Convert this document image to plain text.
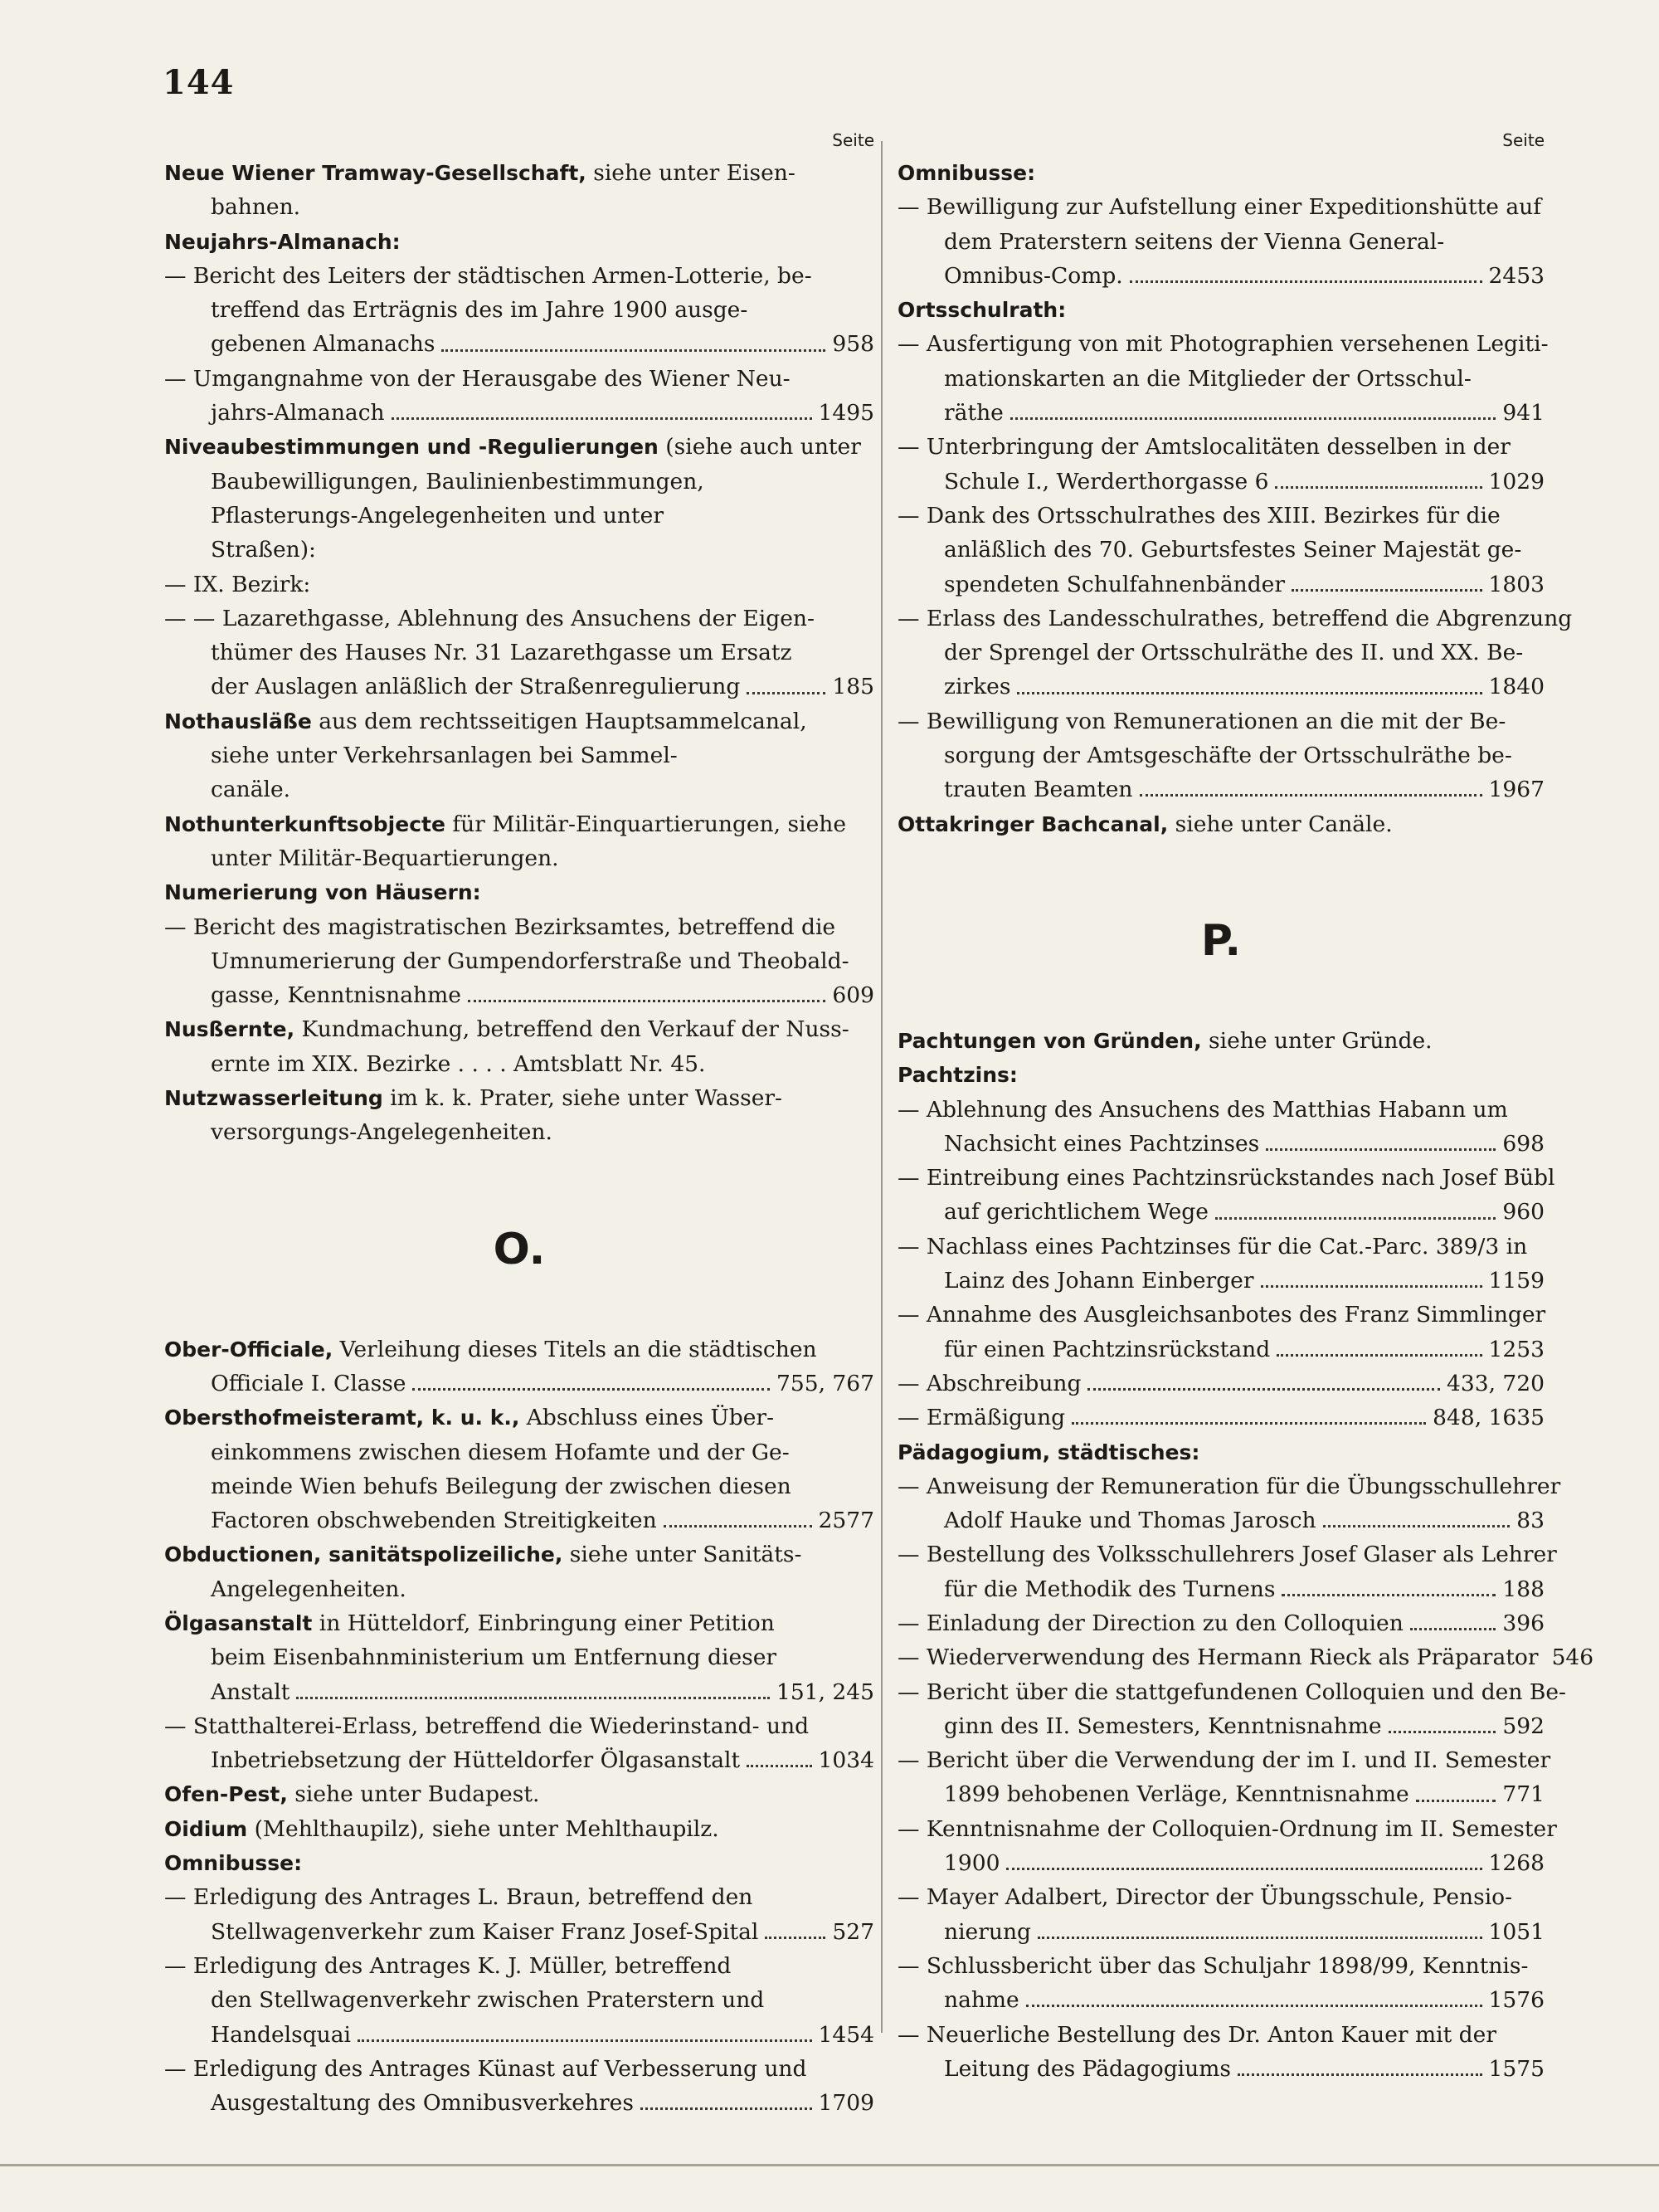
144
Seite
Neue Wiener Tramway-Gesellschaft, siehe unter Eisen-
bahnen.
Neujahrs-Almanach:
— Bericht des Leiters der städtischen Armen-Lotterie, be-
treffend das Erträgnis des im Jahre 1900 ausge-
gebenen Almanachs	958
— Umgangnahme von der Herausgabe des Wiener Neu-
jahrs-Almanach	1495
Niveaubestimmungen und -Regulierungen (siehe auch unter
Baubewilligungen, Baulinienbestimmungen,
Pflasterungs-Angelegenheiten und unter
Straßen):
— IX. Bezirk:
— — Lazarethgasse, Ablehnung des Ansuchens der Eigen-
thümer des Hauses Nr. 31 Lazarethgasse um Ersatz
der Auslagen anläßlich der Straßenregulierung	185
Nothausläße aus dem rechtsseitigen Hauptsammelcanal,
siehe unter Verkehrsanlagen bei Sammel-
canäle.
Nothunterkunftsobjecte für Militär-Einquartierungen, siehe
unter Militär-Bequartierungen.
Numerierung von Häusern:
— Bericht des magistratischen Bezirksamtes, betreffend die
Umnumerierung der Gumpendorferstraße und Theobald-
gasse, Kenntnisnahme	609
Nusßernte, Kundmachung, betreffend den Verkauf der Nuss-
ernte im XIX. Bezirke . . . . Amtsblatt Nr. 45.
Nutzwasserleitung im k. k. Prater, siehe unter Wasser-
versorgungs-Angelegenheiten.
O.
Ober-Officiale, Verleihung dieses Titels an die städtischen
Officiale I. Classe	755, 767
Obersthofmeisteramt, k. u. k., Abschluss eines Über-
einkommens zwischen diesem Hofamte und der Ge-
meinde Wien behufs Beilegung der zwischen diesen
Factoren obschwebenden Streitigkeiten	2577
Obductionen, sanitätspolizeiliche, siehe unter Sanitäts-
Angelegenheiten.
Ölgasanstalt in Hütteldorf, Einbringung einer Petition
beim Eisenbahnministerium um Entfernung dieser
Anstalt	151, 245
— Statthalterei-Erlass, betreffend die Wiederinstand- und
Inbetriebsetzung der Hütteldorfer Ölgasanstalt	1034
Ofen-Pest, siehe unter Budapest.
Oidium (Mehlthaupilz), siehe unter Mehlthaupilz.
Omnibusse:
— Erledigung des Antrages L. Braun, betreffend den
Stellwagenverkehr zum Kaiser Franz Josef-Spital	527
— Erledigung des Antrages K. J. Müller, betreffend
den Stellwagenverkehr zwischen Praterstern und
Handelsquai	1454
— Erledigung des Antrages Künast auf Verbesserung und
Ausgestaltung des Omnibusverkehres	1709
Seite
Omnibusse:
— Bewilligung zur Aufstellung einer Expeditionshütte auf
dem Praterstern seitens der Vienna General-
Omnibus-Comp.	2453
Ortsschulrath:
— Ausfertigung von mit Photographien versehenen Legiti-
mationskarten an die Mitglieder der Ortsschul-
räthe	941
— Unterbringung der Amtslocalitäten desselben in der
Schule I., Werderthorgasse 6	1029
— Dank des Ortsschulrathes des XIII. Bezirkes für die
anläßlich des 70. Geburtsfestes Seiner Majestät ge-
spendeten Schulfahnenbänder	1803
— Erlass des Landesschulrathes, betreffend die Abgrenzung
der Sprengel der Ortsschulräthe des II. und XX. Be-
zirkes	1840
— Bewilligung von Remunerationen an die mit der Be-
sorgung der Amtsgeschäfte der Ortsschulräthe be-
trauten Beamten	1967
Ottakringer Bachcanal, siehe unter Canäle.
P.
Pachtungen von Gründen, siehe unter Gründe.
Pachtzins:
— Ablehnung des Ansuchens des Matthias Habann um
Nachsicht eines Pachtzinses	698
— Eintreibung eines Pachtzinsrückstandes nach Josef Bübl
auf gerichtlichem Wege	960
— Nachlass eines Pachtzinses für die Cat.-Parc. 389/3 in
Lainz des Johann Einberger	1159
— Annahme des Ausgleichsanbotes des Franz Simmlinger
für einen Pachtzinsrückstand	1253
— Abschreibung	433, 720
— Ermäßigung	848, 1635
Pädagogium, städtisches:
— Anweisung der Remuneration für die Übungsschullehrer
Adolf Hauke und Thomas Jarosch	83
— Bestellung des Volksschullehrers Josef Glaser als Lehrer
für die Methodik des Turnens	188
— Einladung der Direction zu den Colloquien	396
— Wiederverwendung des Hermann Rieck als Präparator 546
— Bericht über die stattgefundenen Colloquien und den Be-
ginn des II. Semesters, Kenntnisnahme	592
— Bericht über die Verwendung der im I. und II. Semester
1899 behobenen Verläge, Kenntnisnahme	771
— Kenntnisnahme der Colloquien-Ordnung im II. Semester
1900	1268
— Mayer Adalbert, Director der Übungsschule, Pensio-
nierung	1051
— Schlussbericht über das Schuljahr 1898/99, Kenntnis-
nahme	1576
— Neuerliche Bestellung des Dr. Anton Kauer mit der
Leitung des Pädagogiums	1575
